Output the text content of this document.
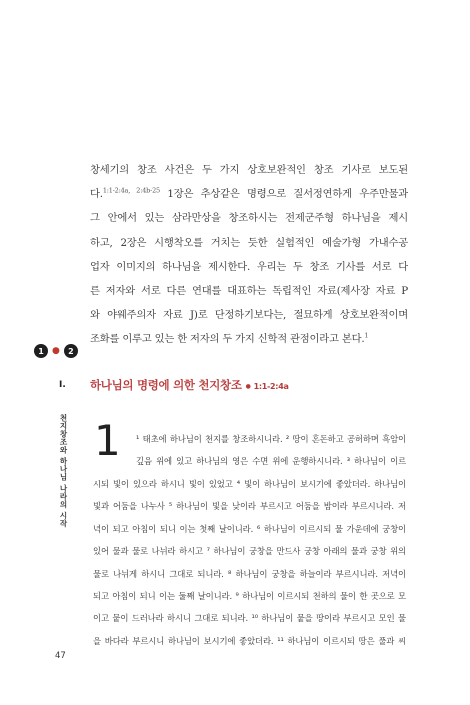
창세기의 창조 사건은 두 가지 상호보완적인 창조 기사로 보도된
다.$^{1:1-2:4a, 2:4b-25}$ 1장은 추상같은 명령으로 질서정연하게 우주만물과
그 안에서 있는 삼라만상을 창조하시는 전제군주형 하나님을 제시
하고, 2장은 시행착오를 거치는 듯한 실험적인 예술가형 가내수공
업자 이미지의 하나님을 제시한다. 우리는 두 창조 기사를 서로 다
른 저자와 서로 다른 연대를 대표하는 독립적인 자료(제사장 자료 P
와 야웨주의자 자료 J)로 단정하기보다는, 절묘하게 상호보완적이며
조화를 이루고 있는 한 저자의 두 가지 신학적 관점이라고 본다.$^1$
1 ●	2
I. 하나님의 명령에 의한 천지창조● 1:1-2:4a
천지창조와 하나님 나라의 시작 1 ¹ 태초에 하나님이 천지를 창조하시니라. ² 땅이 혼돈하고 공허하며 흑암이
깊음 위에 있고 하나님의 영은 수면 위에 운행하시니라. ³ 하나님이 이르
시되 빛이 있으라 하시니 빛이 있었고 ⁴ 빛이 하나님이 보시기에 좋았더라. 하나님이
빛과 어둠을 나누사 ⁵ 하나님이 빛을 낮이라 부르시고 어둠을 밤이라 부르시니라. 저
녁이 되고 아침이 되니 이는 첫째 날이니라. ⁶ 하나님이 이르시되 물 가운데에 궁창이
있어 물과 물로 나뉘라 하시고 ⁷ 하나님이 궁창을 만드사 궁창 아래의 물과 궁창 위의
물로 나뉘게 하시니 그대로 되니라. ⁸ 하나님이 궁창을 하늘이라 부르시니라. 저녁이
되고 아침이 되니 이는 둘째 날이니라. ⁹ 하나님이 이르시되 천하의 물이 한 곳으로 모
이고 뭍이 드러나라 하시니 그대로 되니라. ¹⁰ 하나님이 뭍을 땅이라 부르시고 모인 물
을 바다라 부르시니 하나님이 보시기에 좋았더라. ¹¹ 하나님이 이르시되 땅은 풀과 씨
47
